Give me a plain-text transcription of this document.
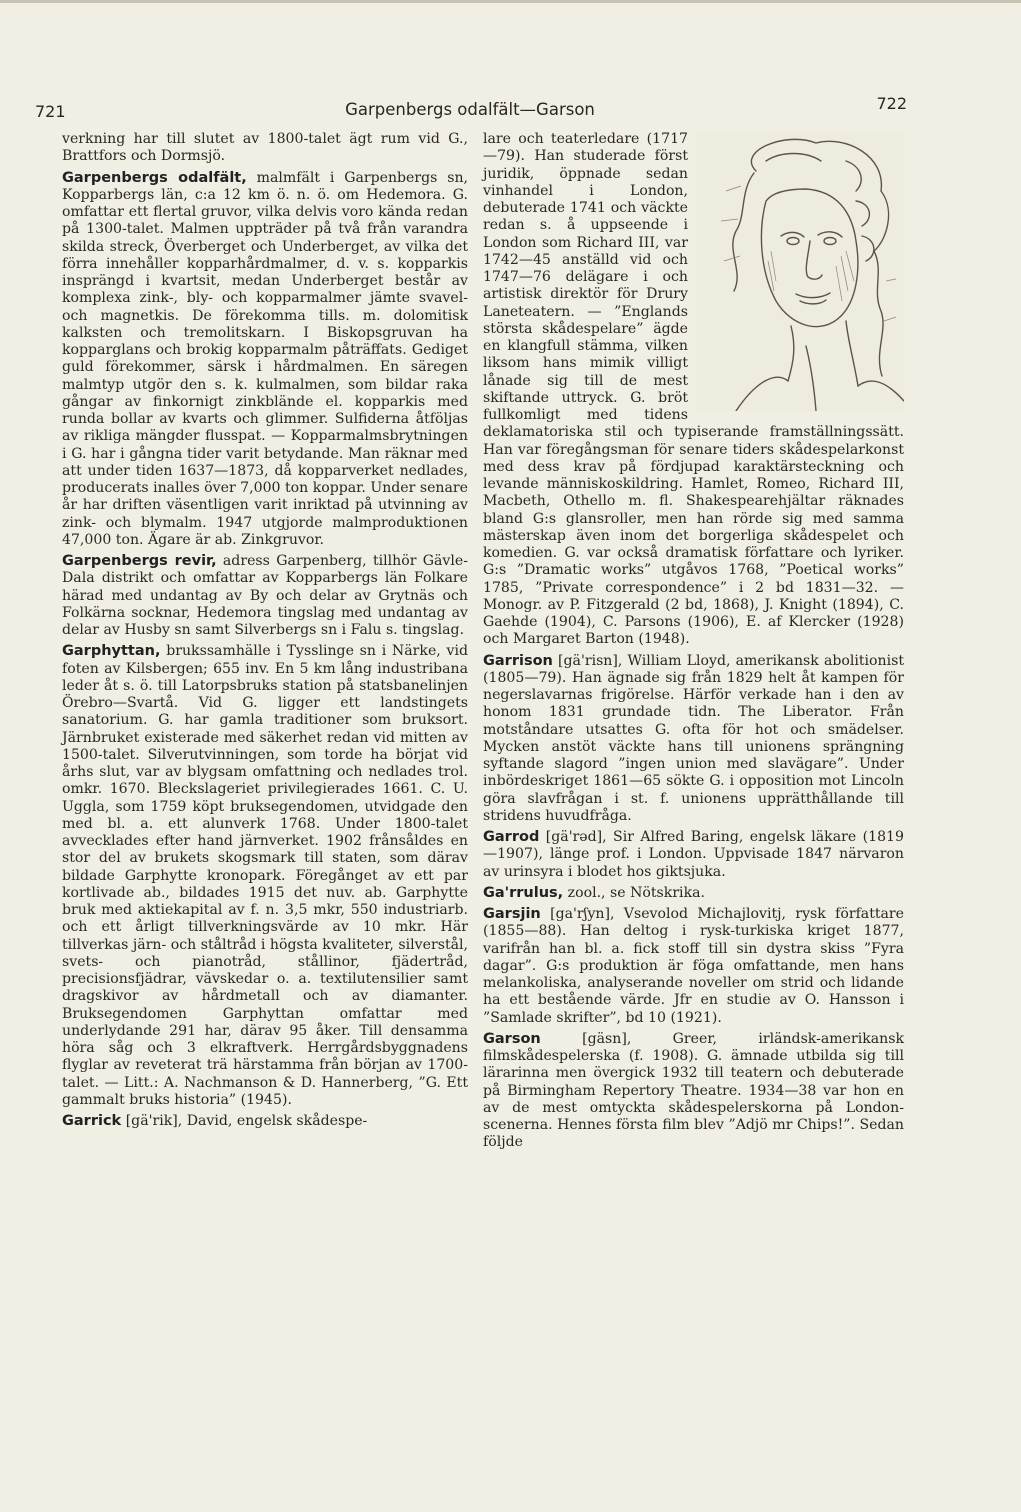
721	Garpenbergs odalfält—Garson	722

verkning har till slutet av 1800-talet ägt rum vid G., Brattfors och Dormsjö.

Garpenbergs odalfält, malmfält i Garpenbergs sn, Kopparbergs län, c:a 12 km ö. n. ö. om Hedemora. G. omfattar ett flertal gruvor, vilka delvis voro kända redan på 1300-talet. Malmen uppträder på två från varandra skilda streck, Överberget och Underberget, av vilka det förra innehåller kopparhårdmalmer, d. v. s. kopparkis insprängd i kvartsit, medan Underberget består av komplexa zink-, bly- och kopparmalmer jämte svavel- och magnetkis. De förekomma tills. m. dolomitisk kalksten och tremolitskarn. I Biskopsgruvan ha kopparglans och brokig kopparmalm påträffats. Gediget guld förekommer, särsk i hårdmalmen. En säregen malmtyp utgör den s. k. kulmalmen, som bildar raka gångar av finkornigt zinkblände el. kopparkis med runda bollar av kvarts och glimmer. Sulfiderna åtföljas av rikliga mängder flusspat. — Kopparmalmsbrytningen i G. har i gångna tider varit betydande. Man räknar med att under tiden 1637—1873, då kopparverket nedlades, producerats inalles över 7,000 ton koppar. Under senare år har driften väsentligen varit inriktad på utvinning av zink- och blymalm. 1947 utgjorde malmproduktionen 47,000 ton. Ägare är ab. Zinkgruvor.

Garpenbergs revir, adress Garpenberg, tillhör Gävle-Dala distrikt och omfattar av Kopparbergs län Folkare härad med undantag av By och delar av Grytnäs och Folkärna socknar, Hedemora tingslag med undantag av delar av Husby sn samt Silverbergs sn i Falu s. tingslag.

Garphyttan, brukssamhälle i Tysslinge sn i Närke, vid foten av Kilsbergen; 655 inv. En 5 km lång industribana leder åt s. ö. till Latorpsbruks station på statsbanelinjen Örebro—Svartå. Vid G. ligger ett landstingets sanatorium. G. har gamla traditioner som bruksort. Järnbruket existerade med säkerhet redan vid mitten av 1500-talet. Silverutvinningen, som torde ha börjat vid århs slut, var av blygsam omfattning och nedlades trol. omkr. 1670. Bleckslageriet privilegierades 1661. C. U. Uggla, som 1759 köpt bruksegendomen, utvidgade den med bl. a. ett alunverk 1768. Under 1800-talet avvecklades efter hand järnverket. 1902 frånsåldes en stor del av brukets skogsmark till staten, som därav bildade Garphytte kronopark. Föregånget av ett par kortlivade ab., bildades 1915 det nuv. ab. Garphytte bruk med aktiekapital av f. n. 3,5 mkr, 550 industriarb. och ett årligt tillverkningsvärde av 10 mkr. Här tillverkas järn- och ståltråd i högsta kvaliteter, silverstål, svets- och pianotråd, stållinor, fjädertråd, precisionsfjädrar, vävskedar o. a. textilutensilier samt dragskivor av hårdmetall och av diamanter. Bruksegendomen Garphyttan omfattar med underlydande 291 har, därav 95 åker. Till densamma höra såg och 3 elkraftverk. Herrgårdsbyggnadens flyglar av reveterat trä härstamma från början av 1700-talet. — Litt.: A. Nachmanson & D. Hannerberg, ”G. Ett gammalt bruks historia” (1945).

Garrick [gä'rik], David, engelsk skådespe-

lare och teaterledare (1717—79). Han studerade först juridik, öppnade sedan vinhandel i London, debuterade 1741 och väckte redan s. å uppseende i London som Richard III, var 1742—45 anställd vid och 1747—76 delägare i och artistisk direktör för Drury Laneteatern. — ”Englands största skådespelare” ägde en klangfull stämma, vilken liksom hans mimik villigt lånade sig till de mest skiftande uttryck. G. bröt fullkomligt med tidens deklamatoriska stil och typiserande framställningssätt. Han var föregångsman för senare tiders skådespelarkonst med dess krav på fördjupad karaktärsteckning och levande människoskildring. Hamlet, Romeo, Richard III, Macbeth, Othello m. fl. Shakespearehjältar räknades bland G:s glansroller, men han rörde sig med samma mästerskap även inom det borgerliga skådespelet och komedien. G. var också dramatisk författare och lyriker. G:s ”Dramatic works” utgåvos 1768, ”Poetical works” 1785, ”Private correspondence” i 2 bd 1831—32. — Monogr. av P. Fitzgerald (2 bd, 1868), J. Knight (1894), C. Gaehde (1904), C. Parsons (1906), E. af Klercker (1928) och Margaret Barton (1948).

Garrison [gä'risn], William Lloyd, amerikansk abolitionist (1805—79). Han ägnade sig från 1829 helt åt kampen för negerslavarnas frigörelse. Härför verkade han i den av honom 1831 grundade tidn. The Liberator. Från motståndare utsattes G. ofta för hot och smädelser. Mycken anstöt väckte hans till unionens sprängning syftande slagord ”ingen union med slavägare”. Under inbördeskriget 1861—65 sökte G. i opposition mot Lincoln göra slavfrågan i st. f. unionens upprätthållande till stridens huvudfråga.

Garrod [gä'rəd], Sir Alfred Baring, engelsk läkare (1819—1907), länge prof. i London. Uppvisade 1847 närvaron av urinsyra i blodet hos giktsjuka.

Ga'rrulus, zool., se Nötskrika.

Garsjin [ga'rʃyn], Vsevolod Michajlovitj, rysk författare (1855—88). Han deltog i rysk-turkiska kriget 1877, varifrån han bl. a. fick stoff till sin dystra skiss ”Fyra dagar”. G:s produktion är föga omfattande, men hans melankoliska, analyserande noveller om strid och lidande ha ett bestående värde. Jfr en studie av O. Hansson i ”Samlade skrifter”, bd 10 (1921).

Garson	[gäsn], Greer, irländsk-amerikansk filmskådespelerska (f. 1908). G. ämnade utbilda sig till lärarinna men övergick 1932 till teatern och debuterade på Birmingham Repertory Theatre. 1934—38 var hon en av de mest omtyckta skådespelerskorna på London-scenerna. Hennes första film blev ”Adjö mr Chips!”. Sedan följde
